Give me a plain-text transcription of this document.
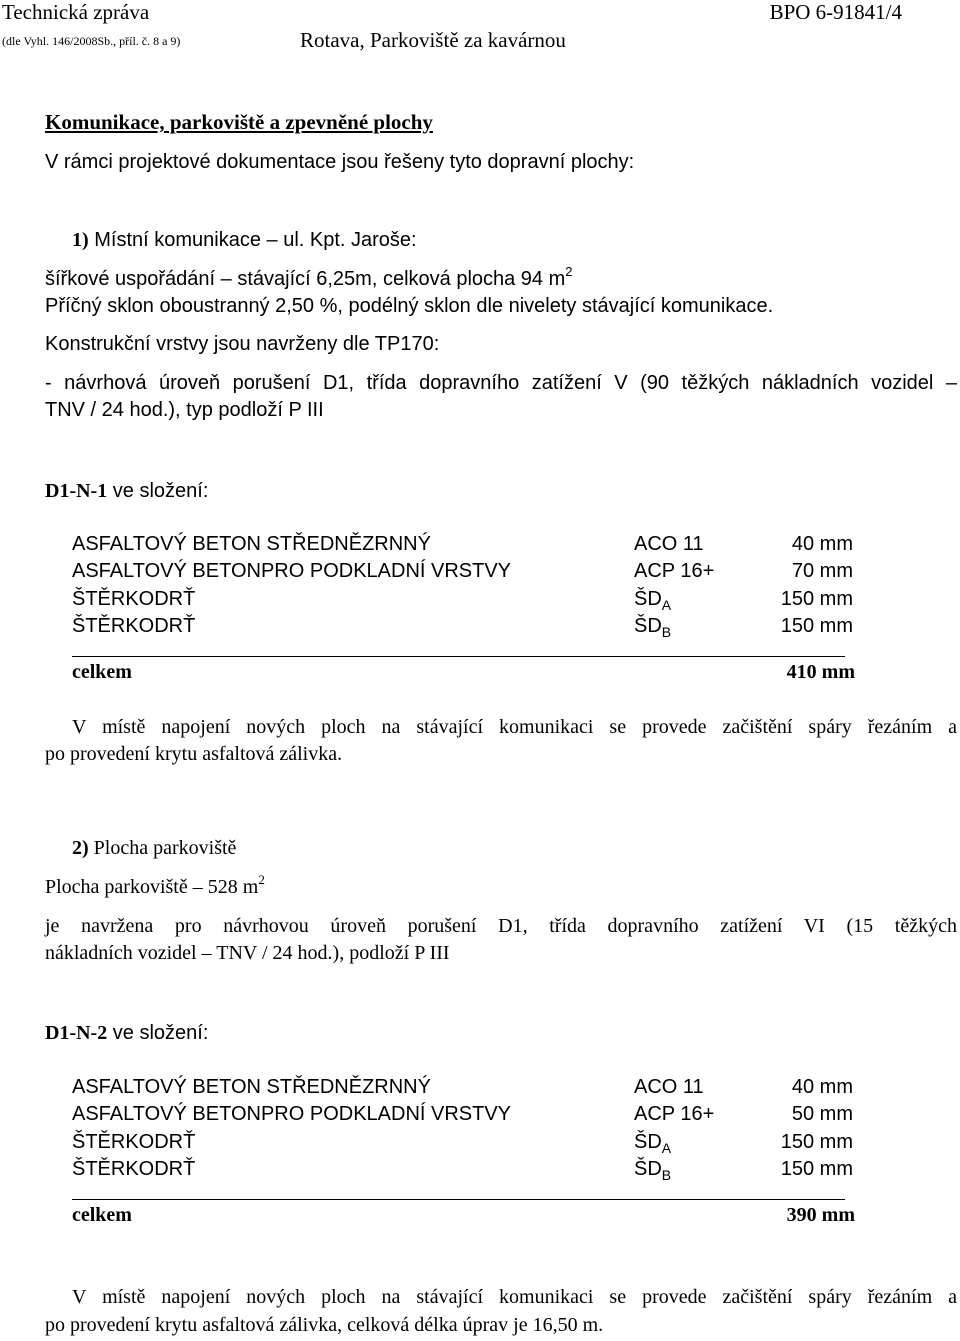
Technická zpráva
(dle Vyhl. 146/2008Sb., příl. č. 8 a 9)	Rotava, Parkoviště za kavárnou
BPO 6-91841/4
Komunikace, parkoviště a zpevněné plochy
V rámci projektové dokumentace jsou řešeny tyto dopravní plochy:
1) Místní komunikace – ul. Kpt. Jaroše:
šířkové uspořádání – stávající 6,25m, celková plocha 94 $m^2$
Příčný sklon oboustranný 2,50 %, podélný sklon dle nivelety stávající komunikace.
Konstrukční vrstvy jsou navrženy dle TP170:
- návrhová úroveň porušení D1, třída dopravního zatížení V (90 těžkých nákladních vozidel –
TNV / 24 hod.), typ podloží P III
D1-N-1 ve složení:
ASFALTOVÝ BETON STŘEDNĚZRNNÝ	ACO 11	40 mm
ASFALTOVÝ BETONPRO PODKLADNÍ VRSTVY	ACP 16+	70 mm
ŠTĚRKODRŤ	$ŠD_A$	150 mm
ŠTĚRKODRŤ	$ŠD_B$	150 mm
celkem	410 mm
V místě napojení nových ploch na stávající komunikaci se provede začištění spáry řezáním a
po provedení krytu asfaltová zálivka.
2) Plocha parkoviště
Plocha parkoviště – 528 $m^2$
je navržena pro návrhovou úroveň porušení D1, třída dopravního zatížení VI (15 těžkých
nákladních vozidel – TNV / 24 hod.), podloží P III
D1-N-2 ve složení:
ASFALTOVÝ BETON STŘEDNĚZRNNÝ	ACO 11	40 mm
ASFALTOVÝ BETONPRO PODKLADNÍ VRSTVY	ACP 16+	50 mm
ŠTĚRKODRŤ	$ŠD_A$	150 mm
ŠTĚRKODRŤ	$ŠD_B$	150 mm
celkem	390 mm
V místě napojení nových ploch na stávající komunikaci se provede začištění spáry řezáním a
po provedení krytu asfaltová zálivka, celková délka úprav je 16,50 m.
